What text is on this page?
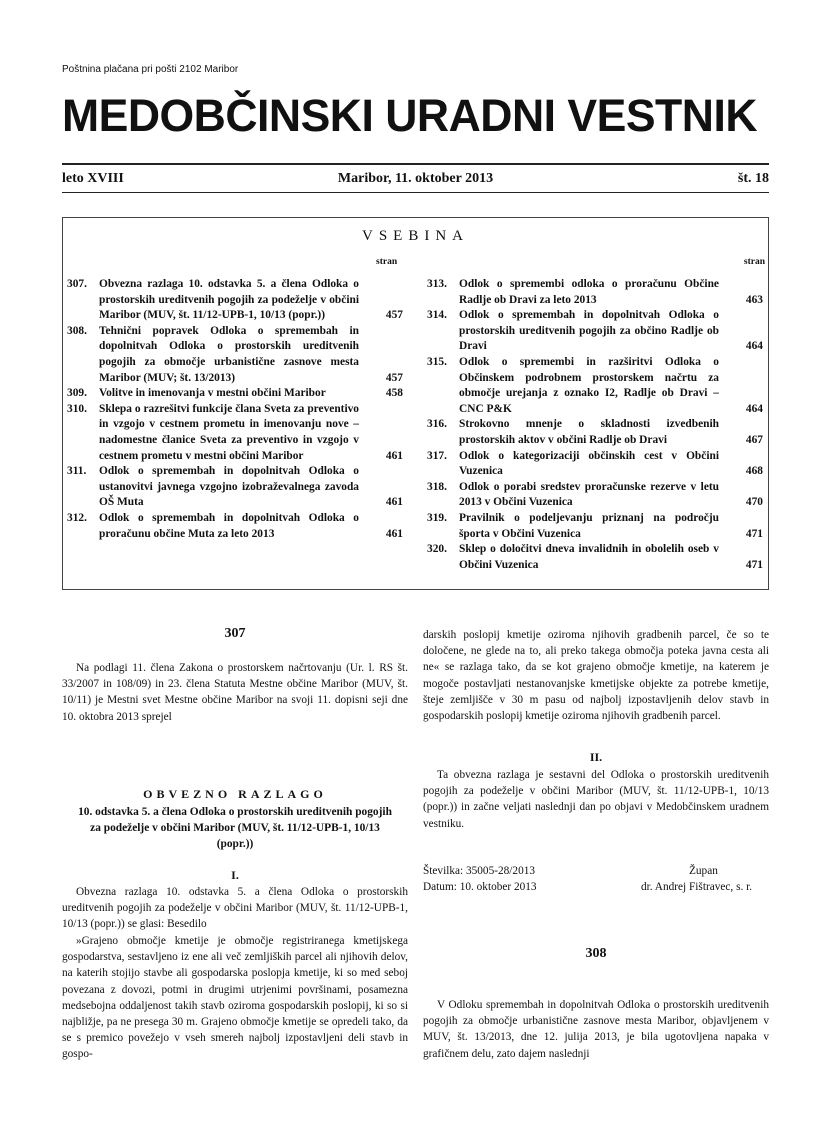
Poštnina plačana pri pošti 2102 Maribor
MEDOBČINSKI URADNI VESTNIK
leto XVIII	Maribor, 11. oktober 2013	št. 18
VSEBINA
stran	stran
307. Obvezna razlaga 10. odstavka 5. a člena Odloka o prostorskih ureditvenih pogojih za podeželje v občini Maribor (MUV, št. 11/12-UPB-1, 10/13 (popr.))	457
308. Tehnični popravek Odloka o spremembah in dopolnitvah Odloka o prostorskih ureditvenih pogojih za območje urbanistične zasnove mesta Maribor (MUV; št. 13/2013)	457
309. Volitve in imenovanja v mestni občini Maribor	458
310. Sklepa o razrešitvi funkcije člana Sveta za preventivo in vzgojo v cestnem prometu in imenovanju nove – nadomestne članice Sveta za preventivo in vzgojo v cestnem prometu v mestni občini Maribor	461
311. Odlok o spremembah in dopolnitvah Odloka o ustanovitvi javnega vzgojno izobraževalnega zavoda OŠ Muta	461
312. Odlok o spremembah in dopolnitvah Odloka o proračunu občine Muta za leto 2013	461
313. Odlok o spremembi odloka o proračunu Občine Radlje ob Dravi za leto 2013	463
314. Odlok o spremembah in dopolnitvah Odloka o prostorskih ureditvenih pogojih za občino Radlje ob Dravi	464
315. Odlok o spremembi in razširitvi Odloka o Občinskem podrobnem prostorskem načrtu za območje urejanja z oznako I2, Radlje ob Dravi – CNC P&K	464
316. Strokovno mnenje o skladnosti izvedbenih prostorskih aktov v občini Radlje ob Dravi	467
317. Odlok o kategorizaciji občinskih cest v Občini Vuzenica	468
318. Odlok o porabi sredstev proračunske rezerve v letu 2013 v Občini Vuzenica	470
319. Pravilnik o podeljevanju priznanj na področju športa v Občini Vuzenica	471
320. Sklep o določitvi dneva invalidnih in obolelih oseb v Občini Vuzenica	471
307

Na podlagi 11. člena Zakona o prostorskem načrtovanju (Ur. l. RS št. 33/2007 in 108/09) in 23. člena Statuta Mestne občine Maribor (MUV, št. 10/11) je Mestni svet Mestne občine Maribor na svoji 11. dopisni seji dne 10. oktobra 2013 sprejel

OBVEZNO RAZLAGO
10. odstavka 5. a člena Odloka o prostorskih ureditvenih pogojih za podeželje v občini Maribor (MUV, št. 11/12-UPB-1, 10/13 (popr.))
I.

Obvezna razlaga 10. odstavka 5. a člena Odloka o prostorskih ureditvenih pogojih za podeželje v občini Maribor (MUV, št. 11/12-UPB-1, 10/13 (popr.)) se glasi: Besedilo

»Grajeno območje kmetije je območje registriranega kmetijskega gospodarstva, sestavljeno iz ene ali več zemljiških parcel ali njihovih delov, na katerih stojijo stavbe ali gospodarska poslopja kmetije, ki so med seboj povezana z dovozi, potmi in drugimi utrjenimi površinami, posamezna medsebojna oddaljenost takih stavb oziroma gospodarskih poslopij, ki so si najbližje, pa ne presega 30 m. Grajeno območje kmetije se opredeli tako, da se s premico povežejo v vseh smereh najbolj izpostavljeni deli stavb in gospo-

darskih poslopij kmetije oziroma njihovih gradbenih parcel, če so te določene, ne glede na to, ali preko takega območja poteka javna cesta ali ne« se razlaga tako, da se kot grajeno območje kmetije, na katerem je mogoče postavljati nestanovanjske kmetijske objekte za potrebe kmetije, šteje zemljišče v 30 m pasu od najbolj izpostavljenih delov stavb in gospodarskih poslopij kmetije oziroma njihovih gradbenih parcel.

II.

Ta obvezna razlaga je sestavni del Odloka o prostorskih ureditvenih pogojih za podeželje v občini Maribor (MUV, št. 11/12-UPB-1, 10/13 (popr.)) in začne veljati naslednji dan po objavi v Medobčinskem uradnem vestniku.

Številka: 35005-28/2013
Datum: 10. oktober 2013
Župan
dr. Andrej Fištravec, s. r.
308

V Odloku spremembah in dopolnitvah Odloka o prostorskih ureditvenih pogojih za območje urbanistične zasnove mesta Maribor, objavljenem v MUV, št. 13/2013, dne 12. julija 2013, je bila ugotovljena napaka v grafičnem delu, zato dajem naslednji
